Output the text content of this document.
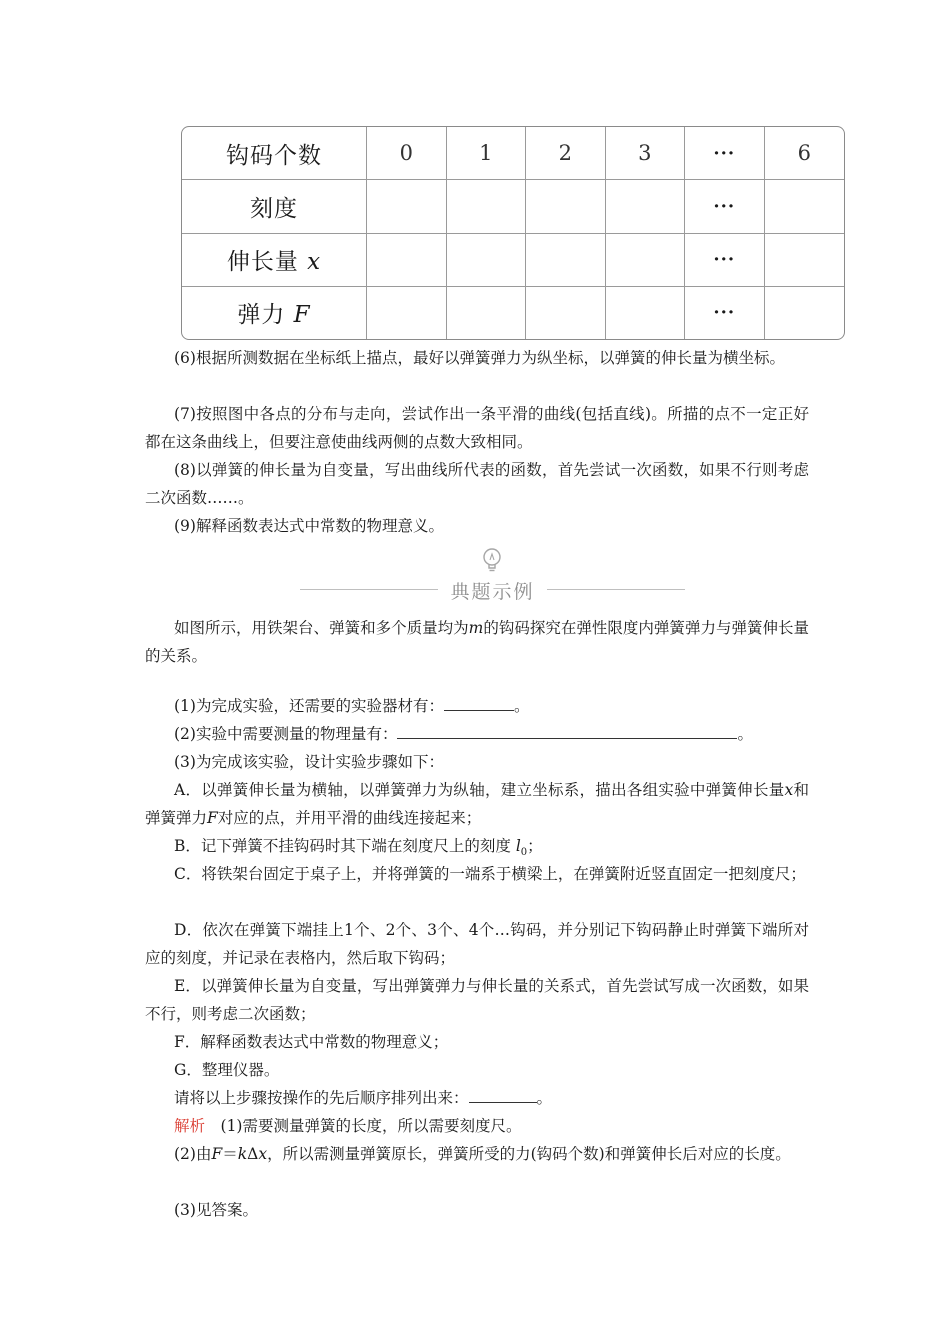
钩码个数	0	1	2	3	···	6
刻度					···	
伸长量 x					···	
弹力 F					···	

(6)根据所测数据在坐标纸上描点，最好以弹簧弹力为纵坐标，以弹簧的伸长量为横坐标。

(7)按照图中各点的分布与走向，尝试作出一条平滑的曲线(包括直线)。所描的点不一定正好都在这条曲线上，但要注意使曲线两侧的点数大致相同。

(8)以弹簧的伸长量为自变量，写出曲线所代表的函数，首先尝试一次函数，如果不行则考虑二次函数……。

(9)解释函数表达式中常数的物理意义。

典题示例

如图所示，用铁架台、弹簧和多个质量均为m的钩码探究在弹性限度内弹簧弹力与弹簧伸长量的关系。

(1)为完成实验，还需要的实验器材有：	。

(2)实验中需要测量的物理量有：	。

(3)为完成该实验，设计实验步骤如下：

A．以弹簧伸长量为横轴，以弹簧弹力为纵轴，建立坐标系，描出各组实验中弹簧伸长量x和弹簧弹力F对应的点，并用平滑的曲线连接起来；

B．记下弹簧不挂钩码时其下端在刻度尺上的刻度 $l_0$；

C．将铁架台固定于桌子上，并将弹簧的一端系于横梁上，在弹簧附近竖直固定一把刻度尺；

D．依次在弹簧下端挂上1个、2个、3个、4个…钩码，并分别记下钩码静止时弹簧下端所对应的刻度，并记录在表格内，然后取下钩码；

E．以弹簧伸长量为自变量，写出弹簧弹力与伸长量的关系式，首先尝试写成一次函数，如果不行，则考虑二次函数；

F．解释函数表达式中常数的物理意义；

G．整理仪器。

请将以上步骤按操作的先后顺序排列出来：	。

解析　(1)需要测量弹簧的长度，所以需要刻度尺。

(2)由F＝kΔx，所以需测量弹簧原长，弹簧所受的力(钩码个数)和弹簧伸长后对应的长度。

(3)见答案。
